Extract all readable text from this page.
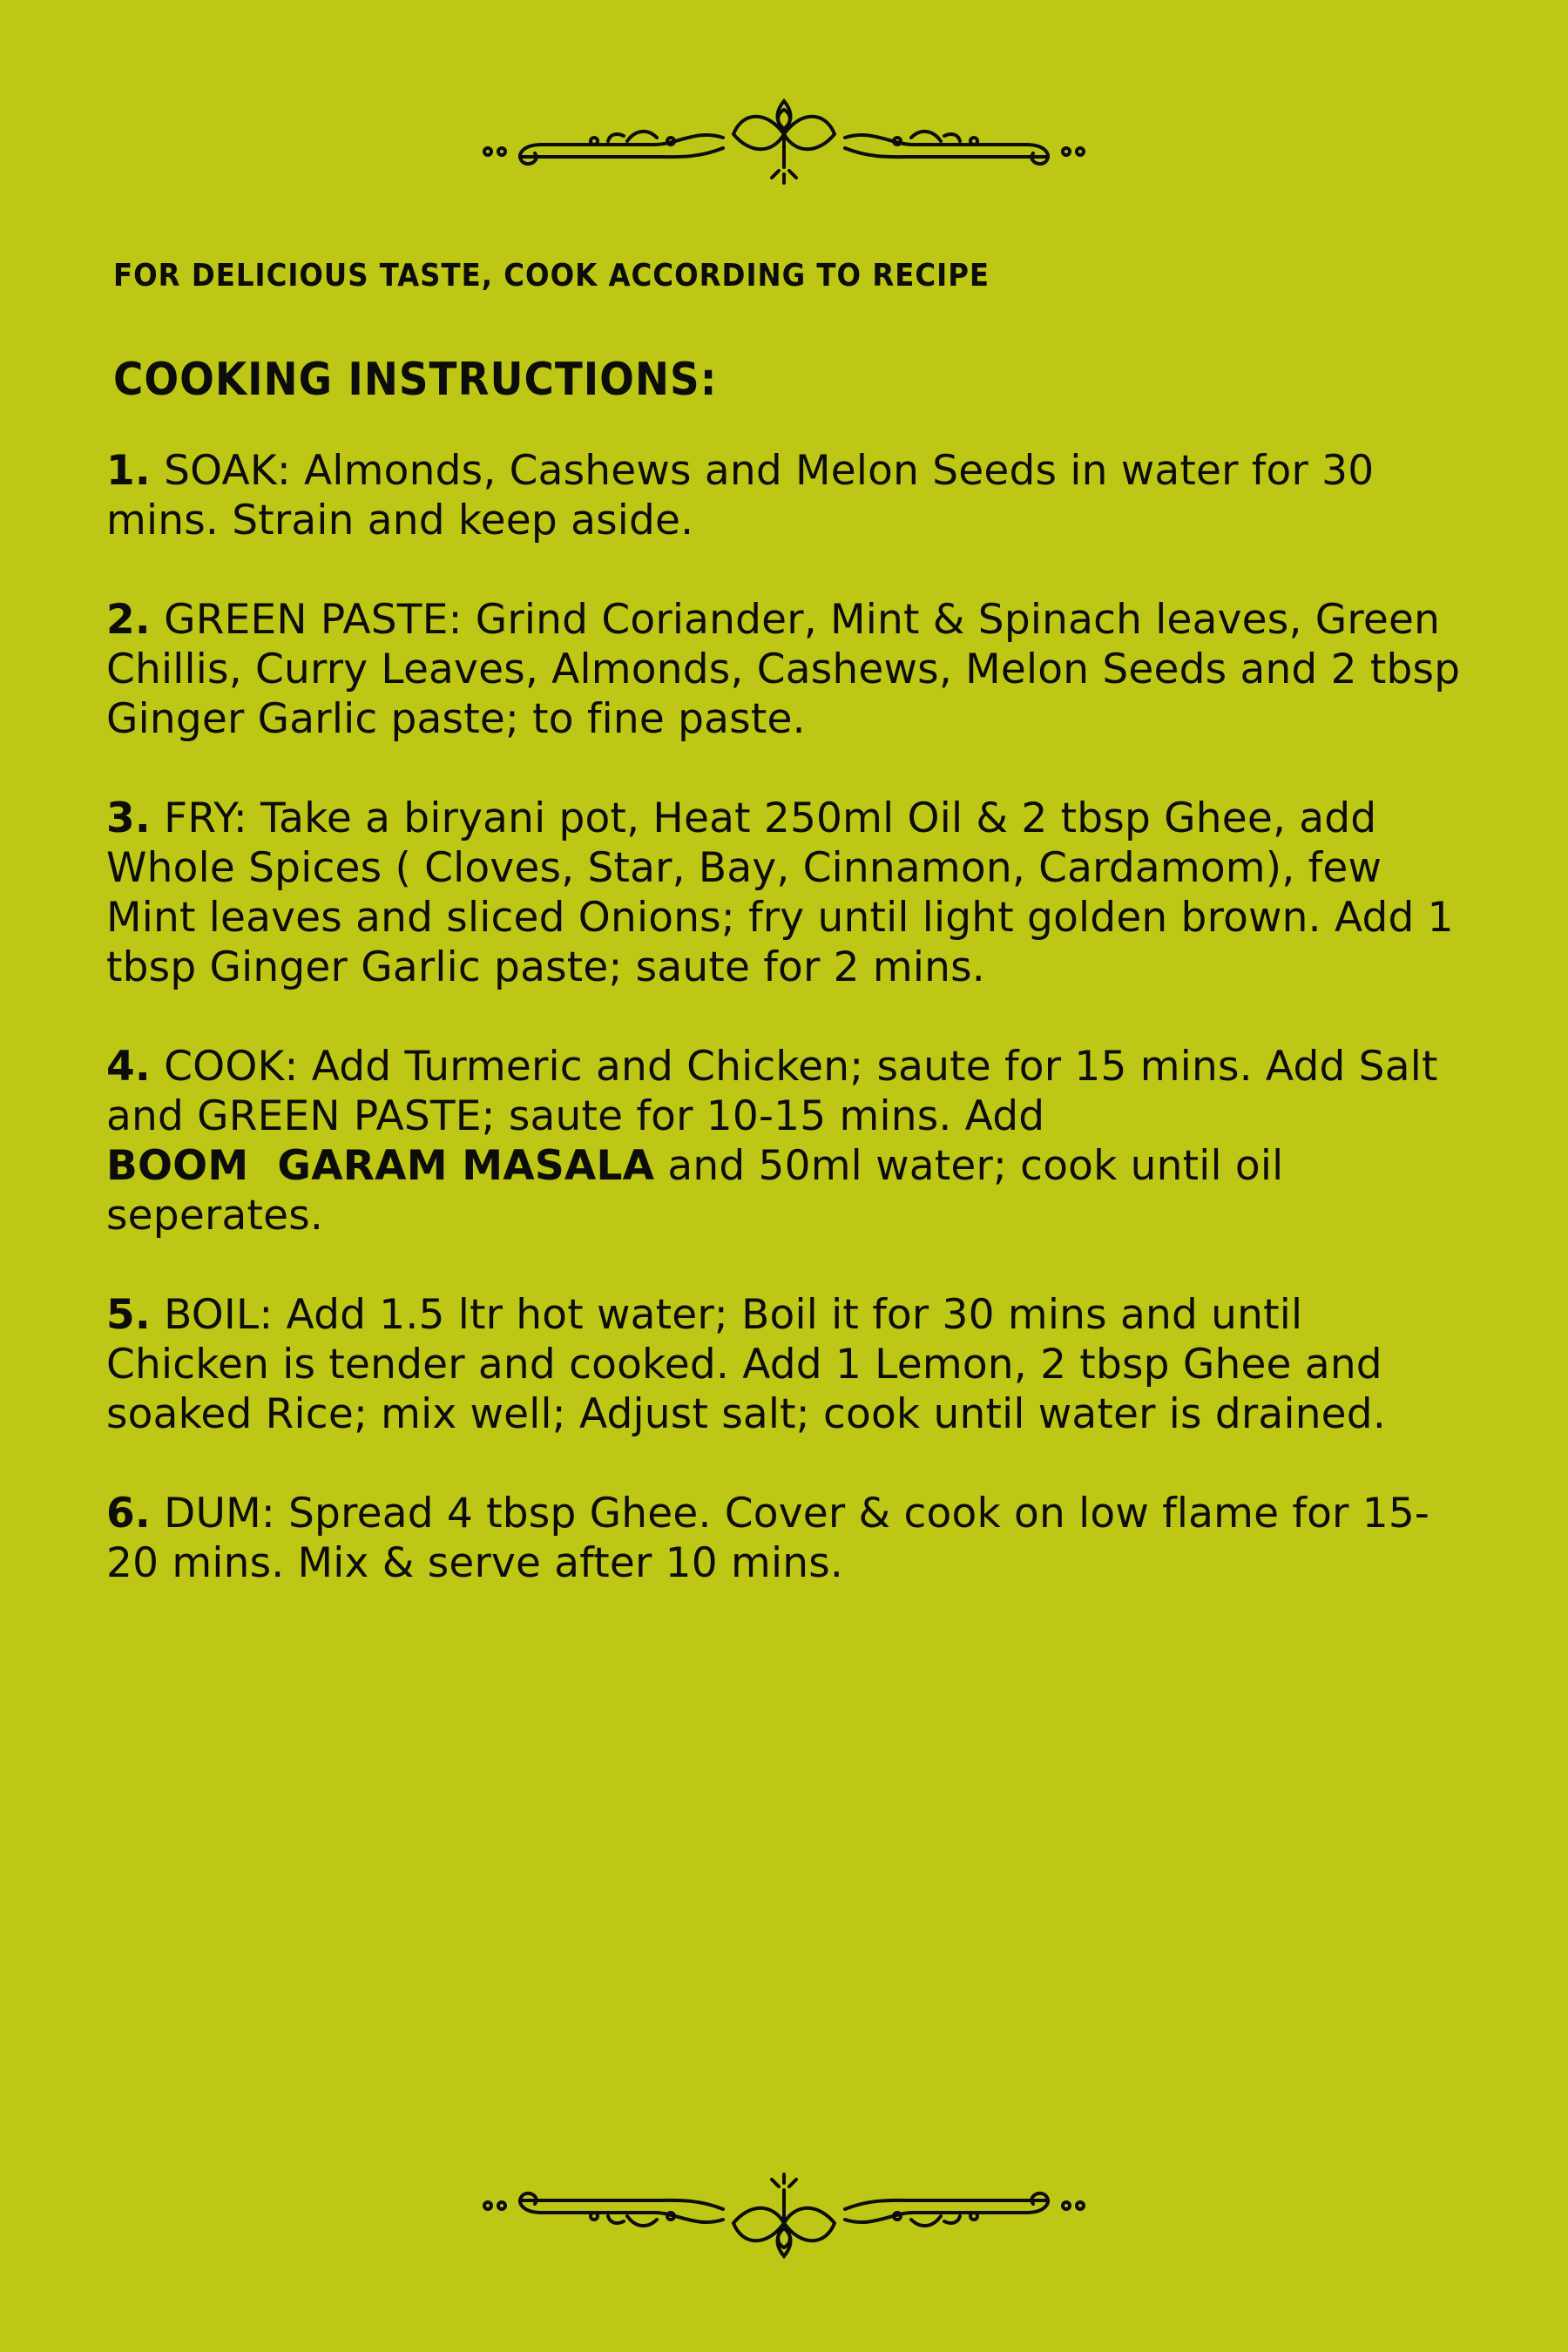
FOR DELICIOUS TASTE, COOK ACCORDING TO RECIPE
COOKING INSTRUCTIONS:

1. SOAK: Almonds, Cashews and Melon Seeds in water for 30 mins. Strain and keep aside.

2. GREEN PASTE: Grind Coriander, Mint & Spinach leaves, Green Chillis, Curry Leaves, Almonds, Cashews, Melon Seeds and 2 tbsp Ginger Garlic paste; to fine paste.

3. FRY: Take a biryani pot, Heat 250ml Oil & 2 tbsp Ghee, add Whole Spices ( Cloves, Star, Bay, Cinnamon, Cardamom), few Mint leaves and sliced Onions; fry until light golden brown. Add 1 tbsp Ginger Garlic paste; saute for 2 mins.

4. COOK: Add Turmeric and Chicken; saute for 15 mins. Add Salt and GREEN PASTE; saute for 10-15 mins. Add BOOM  GARAM MASALA and 50ml water; cook until oil seperates.

5. BOIL: Add 1.5 ltr hot water; Boil it for 30 mins and until Chicken is tender and cooked. Add 1 Lemon, 2 tbsp Ghee and soaked Rice; mix well; Adjust salt; cook until water is drained.

6. DUM: Spread 4 tbsp Ghee. Cover & cook on low flame for 15-20 mins. Mix & serve after 10 mins.
